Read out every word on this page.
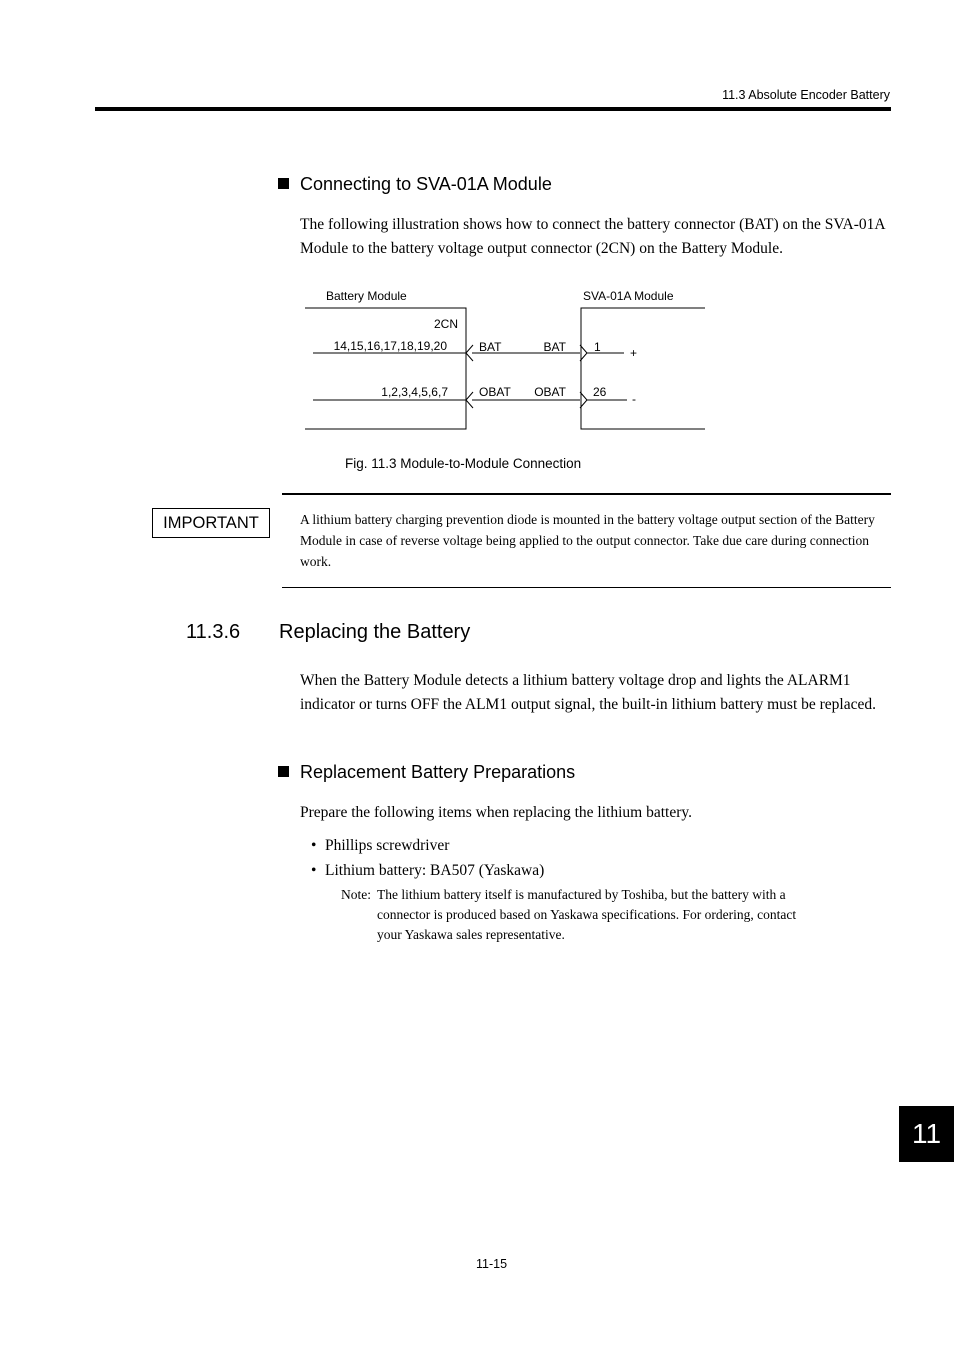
11.3 Absolute Encoder Battery
Connecting to SVA-01A Module
The following illustration shows how to connect the battery connector (BAT) on the SVA-01A Module to the battery voltage output connector (2CN) on the Battery Module.
Battery Module	SVA-01A Module
2CN
14,15,16,17,18,19,20
1,2,3,4,5,6,7
BAT	BAT
OBAT OBAT
1
26
+
-
Fig. 11.3 Module-to-Module Connection
IMPORTANT	A lithium battery charging prevention diode is mounted in the battery voltage output section of the Battery Module in case of reverse voltage being applied to the output connector. Take due care during connection work.
11.3.6 Replacing the Battery
When the Battery Module detects a lithium battery voltage drop and lights the ALARM1 indicator or turns OFF the ALM1 output signal, the built-in lithium battery must be replaced.
Replacement Battery Preparations
Prepare the following items when replacing the lithium battery.
• Phillips screwdriver
• Lithium battery: BA507 (Yaskawa)
Note: The lithium battery itself is manufactured by Toshiba, but the battery with a connector is produced based on Yaskawa specifications. For ordering, contact your Yaskawa sales representative.
11
11-15
